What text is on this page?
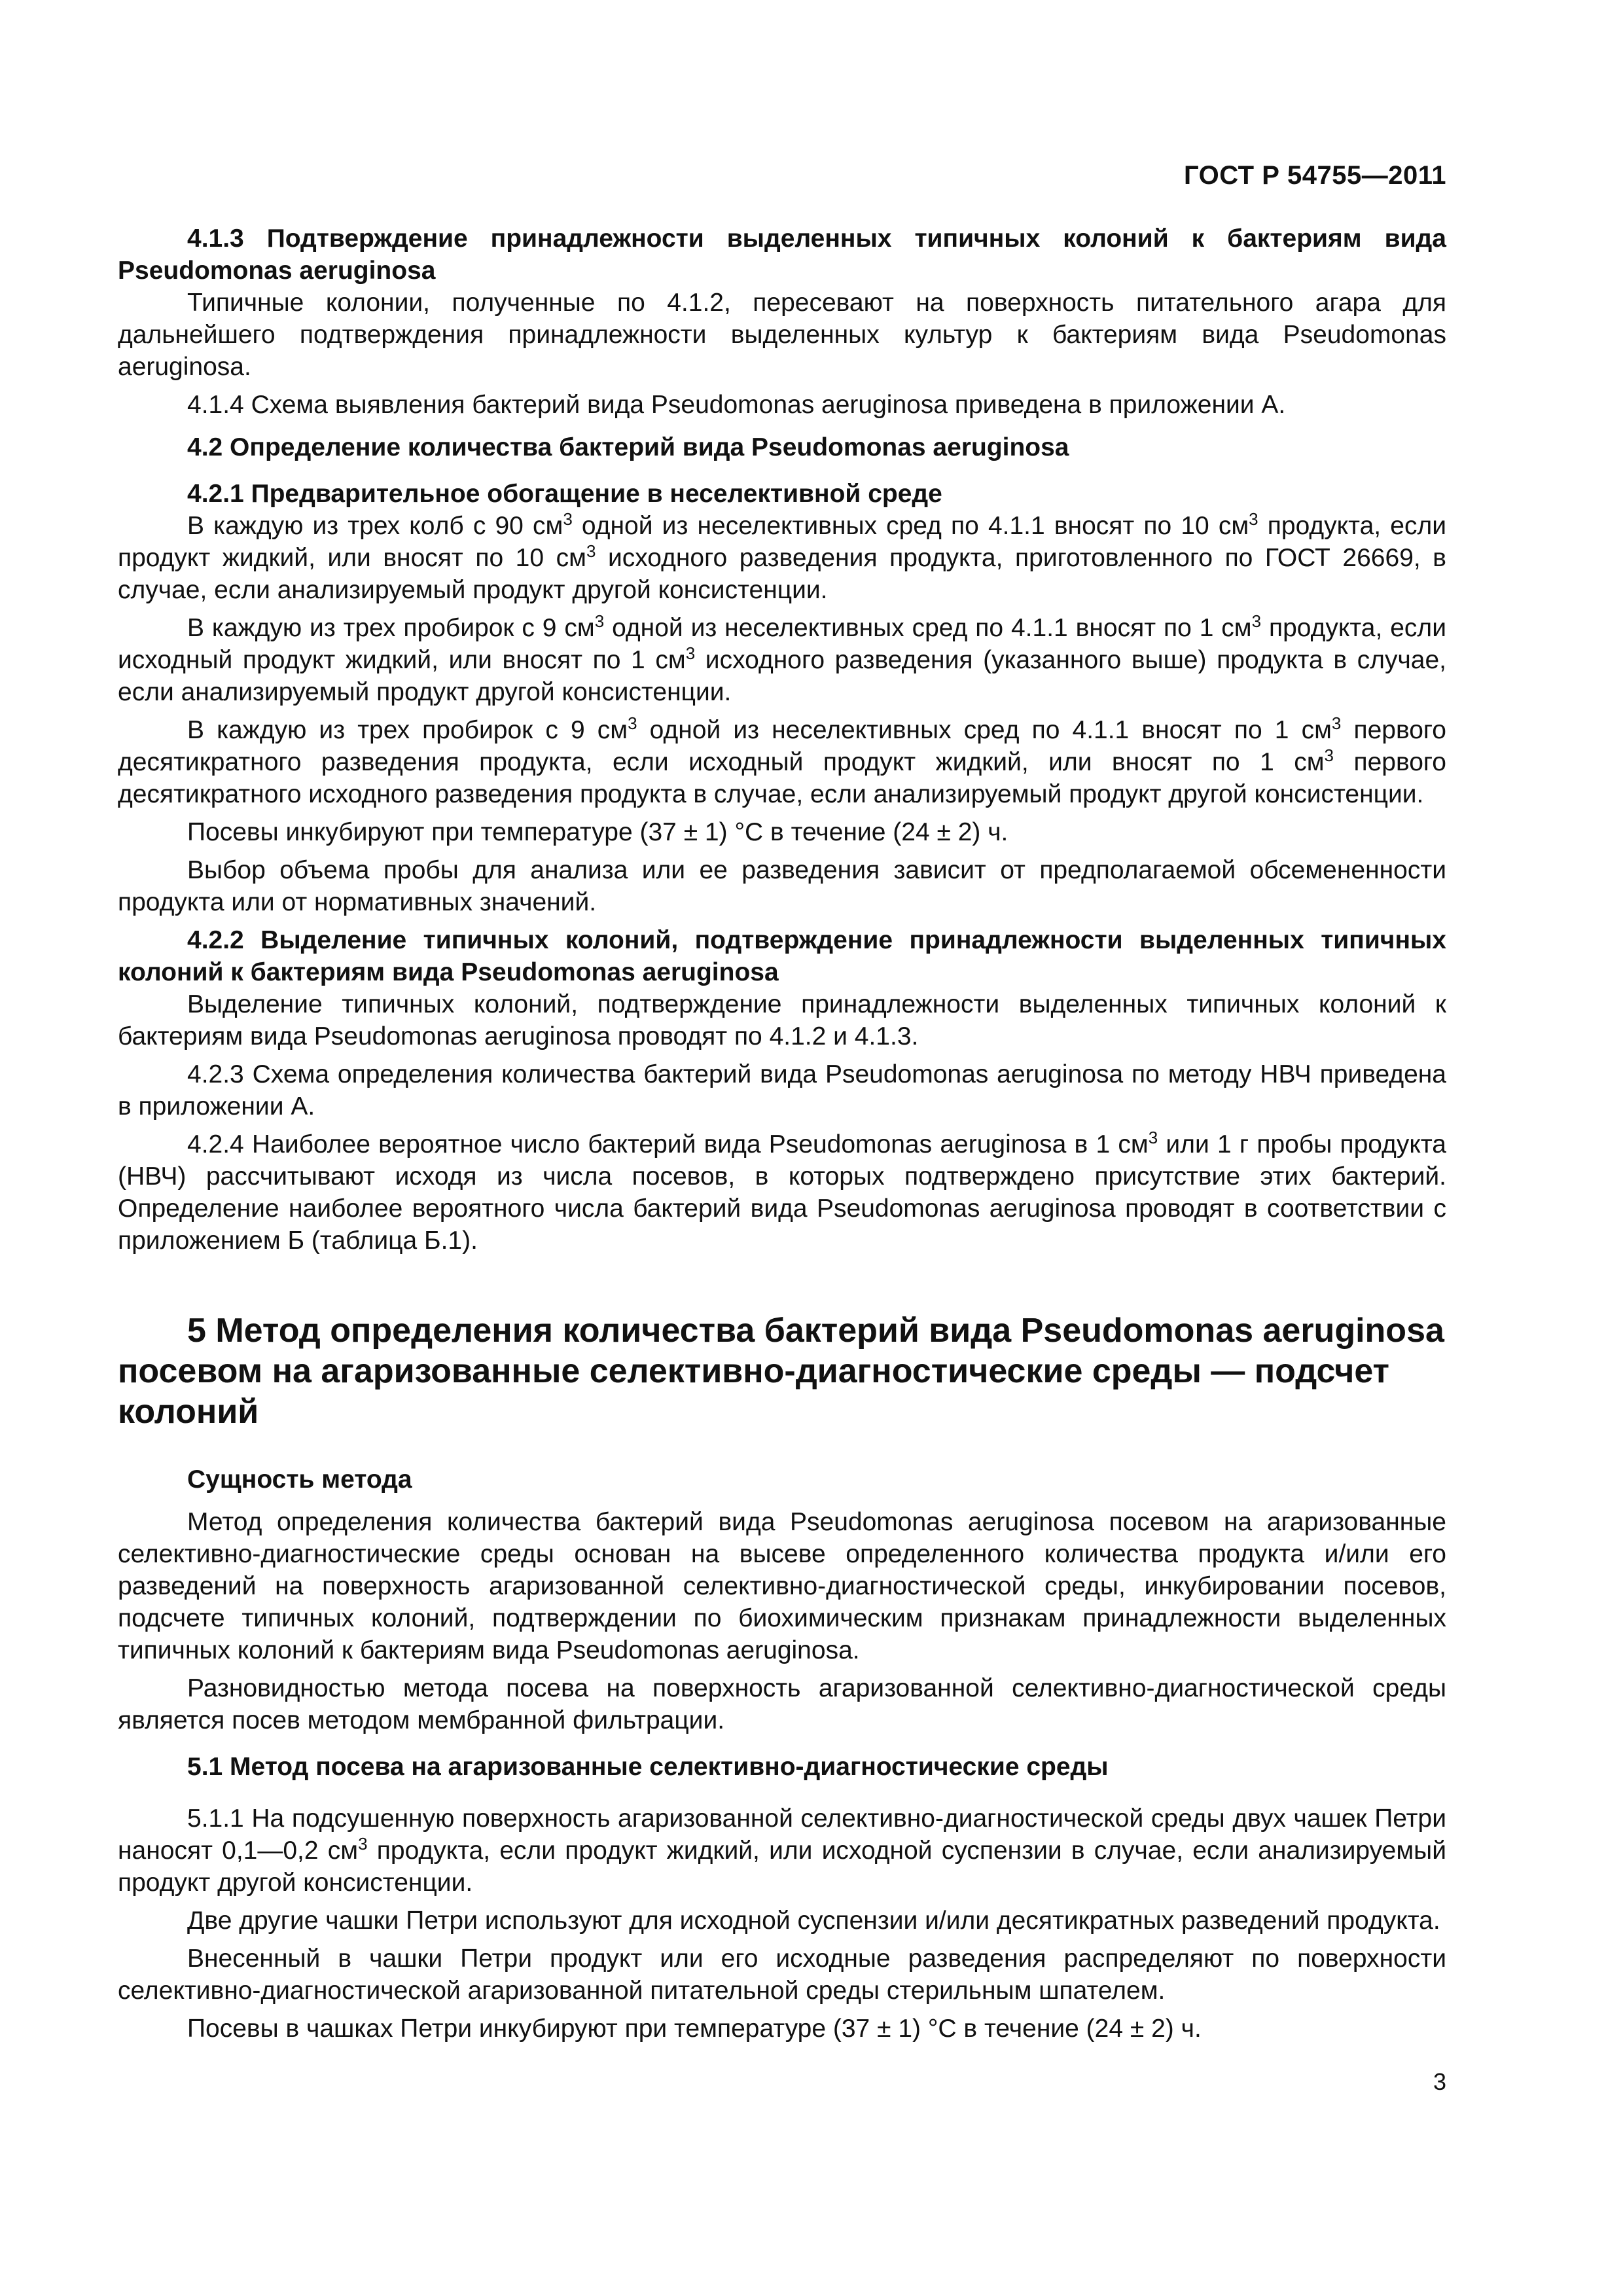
ГОСТ Р 54755—2011

4.1.3 Подтверждение принадлежности выделенных типичных колоний к бактериям вида Pseudomonas aeruginosa

Типичные колонии, полученные по 4.1.2, пересевают на поверхность питательного агара для дальнейшего подтверждения принадлежности выделенных культур к бактериям вида Pseudomonas aeruginosa.

4.1.4 Схема выявления бактерий вида Pseudomonas aeruginosa приведена в приложении А.

4.2 Определение количества бактерий вида Pseudomonas aeruginosa

4.2.1 Предварительное обогащение в неселективной среде

В каждую из трех колб с 90 $см^3$ одной из неселективных сред по 4.1.1 вносят по 10 $см^3$ продукта, если продукт жидкий, или вносят по 10 $см^3$ исходного разведения продукта, приготовленного по ГОСТ 26669, в случае, если анализируемый продукт другой консистенции.

В каждую из трех пробирок с 9 $см^3$ одной из неселективных сред по 4.1.1 вносят по 1 $см^3$ продукта, если исходный продукт жидкий, или вносят по 1 $см^3$ исходного разведения (указанного выше) продукта в случае, если анализируемый продукт другой консистенции.

В каждую из трех пробирок с 9 $см^3$ одной из неселективных сред по 4.1.1 вносят по 1 $см^3$ первого десятикратного разведения продукта, если исходный продукт жидкий, или вносят по 1 $см^3$ первого десятикратного исходного разведения продукта в случае, если анализируемый продукт другой консистенции.

Посевы инкубируют при температуре (37 ± 1) °С в течение (24 ± 2) ч.

Выбор объема пробы для анализа или ее разведения зависит от предполагаемой обсемененности продукта или от нормативных значений.

4.2.2 Выделение типичных колоний, подтверждение принадлежности выделенных типичных колоний к бактериям вида Pseudomonas aeruginosa

Выделение типичных колоний, подтверждение принадлежности выделенных типичных колоний к бактериям вида Pseudomonas aeruginosa проводят по 4.1.2 и 4.1.3.

4.2.3 Схема определения количества бактерий вида Pseudomonas aeruginosa по методу НВЧ приведена в приложении А.

4.2.4 Наиболее вероятное число бактерий вида Pseudomonas aeruginosa в 1 $см^3$ или 1 г пробы продукта (НВЧ) рассчитывают исходя из числа посевов, в которых подтверждено присутствие этих бактерий. Определение наиболее вероятного числа бактерий вида Pseudomonas aeruginosa проводят в соответствии с приложением Б (таблица Б.1).

5 Метод определения количества бактерий вида Pseudomonas aeruginosa посевом на агаризованные селективно-диагностические среды — подсчет колоний

Сущность метода

Метод определения количества бактерий вида Pseudomonas aeruginosa посевом на агаризованные селективно-диагностические среды основан на высеве определенного количества продукта и/или его разведений на поверхность агаризованной селективно-диагностической среды, инкубировании посевов, подсчете типичных колоний, подтверждении по биохимическим признакам принадлежности выделенных типичных колоний к бактериям вида Pseudomonas aeruginosa.

Разновидностью метода посева на поверхность агаризованной селективно-диагностической среды является посев методом мембранной фильтрации.

5.1 Метод посева на агаризованные селективно-диагностические среды

5.1.1 На подсушенную поверхность агаризованной селективно-диагностической среды двух чашек Петри наносят 0,1—0,2 $см^3$ продукта, если продукт жидкий, или исходной суспензии в случае, если анализируемый продукт другой консистенции.

Две другие чашки Петри используют для исходной суспензии и/или десятикратных разведений продукта.

Внесенный в чашки Петри продукт или его исходные разведения распределяют по поверхности селективно-диагностической агаризованной питательной среды стерильным шпателем.

Посевы в чашках Петри инкубируют при температуре (37 ± 1) °С в течение (24 ± 2) ч.

3
